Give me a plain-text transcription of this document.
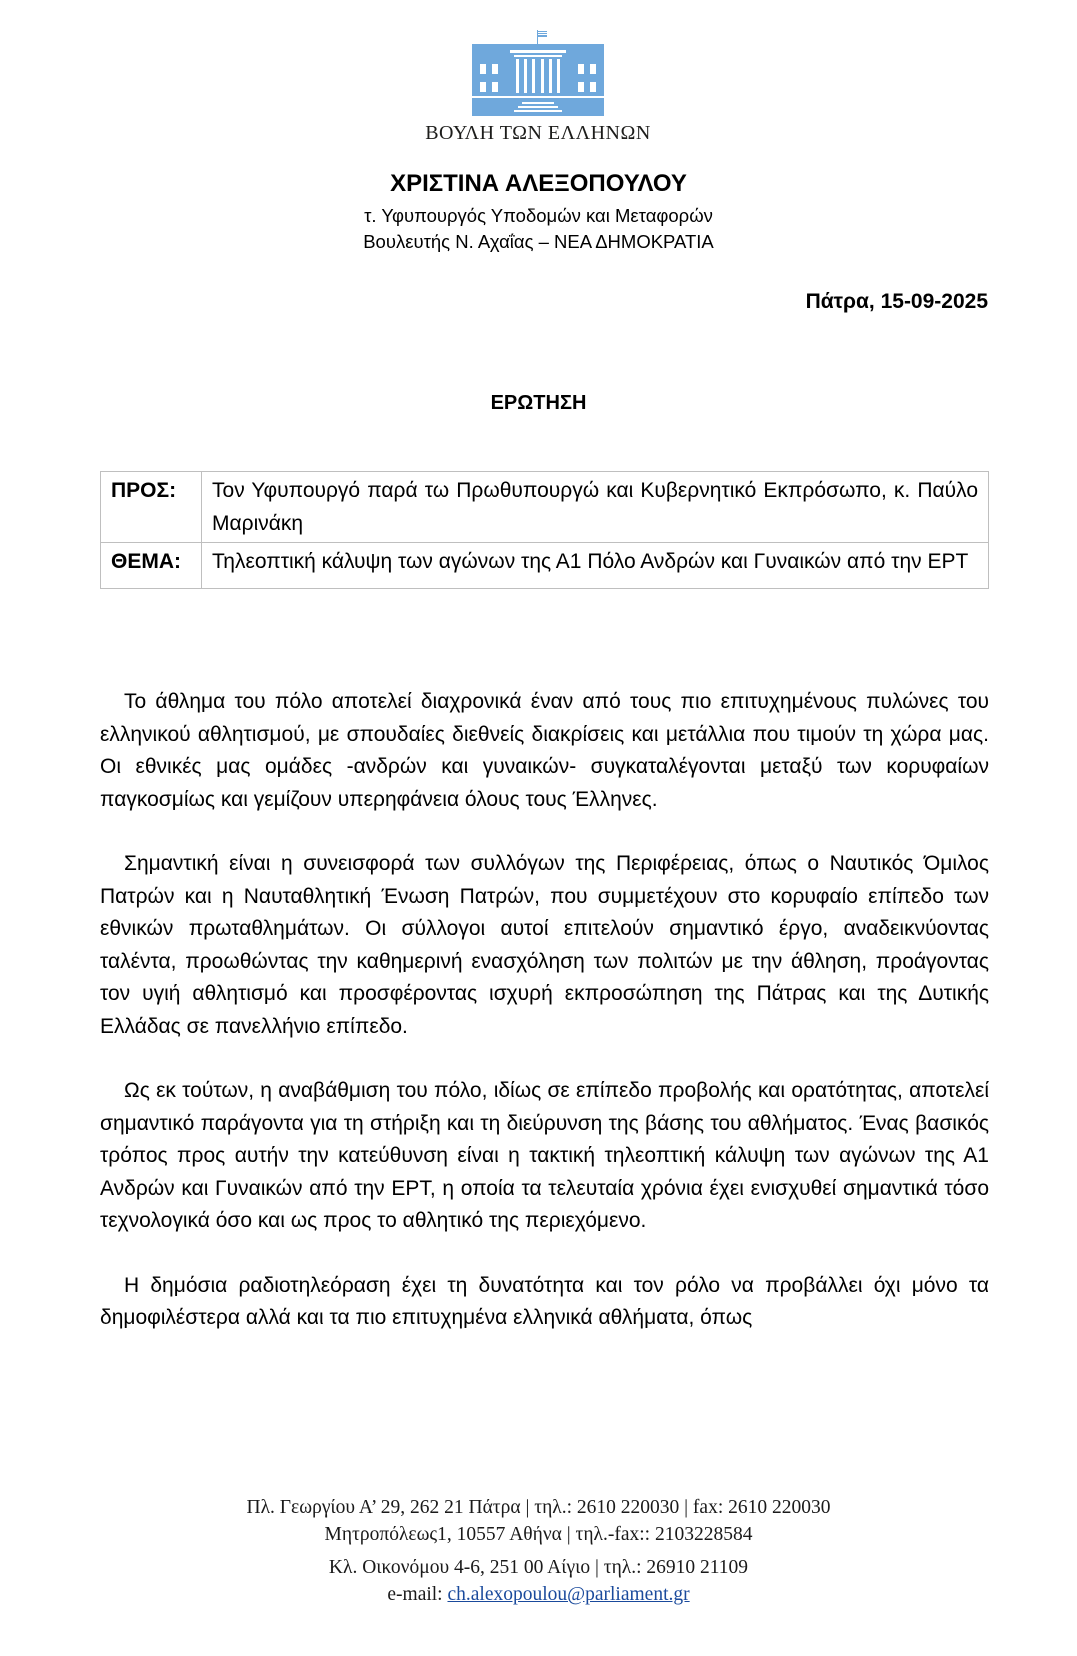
ΒΟΥΛΗ ΤΩΝ ΕΛΛΗΝΩΝ
ΧΡΙΣΤΙΝΑ ΑΛΕΞΟΠΟΥΛΟΥ
τ. Υφυπουργός Υποδομών και Μεταφορών
Βουλευτής Ν. Αχαΐας – ΝΕΑ ΔΗΜΟΚΡΑΤΙΑ
Πάτρα, 15-09-2025
ΕΡΩΤΗΣΗ
ΠΡΟΣ:	Τον Υφυπουργό παρά τω Πρωθυπουργώ και Κυβερνητικό Εκπρόσωπο, κ. Παύλο Μαρινάκη
ΘΕΜΑ:	Τηλεοπτική κάλυψη των αγώνων της Α1 Πόλο Ανδρών και Γυναικών από την ΕΡΤ

Το άθλημα του πόλο αποτελεί διαχρονικά έναν από τους πιο επιτυχημένους πυλώνες του ελληνικού αθλητισμού, με σπουδαίες διεθνείς διακρίσεις και μετάλλια που τιμούν τη χώρα μας. Οι εθνικές μας ομάδες -ανδρών και γυναικών- συγκαταλέγονται μεταξύ των κορυφαίων παγκοσμίως και γεμίζουν υπερηφάνεια όλους τους Έλληνες.

Σημαντική είναι η συνεισφορά των συλλόγων της Περιφέρειας, όπως ο Ναυτικός Όμιλος Πατρών και η Ναυταθλητική Ένωση Πατρών, που συμμετέχουν στο κορυφαίο επίπεδο των εθνικών πρωταθλημάτων. Οι σύλλογοι αυτοί επιτελούν σημαντικό έργο, αναδεικνύοντας ταλέντα, προωθώντας την καθημερινή ενασχόληση των πολιτών με την άθληση, προάγοντας τον υγιή αθλητισμό και προσφέροντας ισχυρή εκπροσώπηση της Πάτρας και της Δυτικής Ελλάδας σε πανελλήνιο επίπεδο.

Ως εκ τούτων, η αναβάθμιση του πόλο, ιδίως σε επίπεδο προβολής και ορατότητας, αποτελεί σημαντικό παράγοντα για τη στήριξη και τη διεύρυνση της βάσης του αθλήματος. Ένας βασικός τρόπος προς αυτήν την κατεύθυνση είναι η τακτική τηλεοπτική κάλυψη των αγώνων της Α1 Ανδρών και Γυναικών από την ΕΡΤ, η οποία τα τελευταία χρόνια έχει ενισχυθεί σημαντικά τόσο τεχνολογικά όσο και ως προς το αθλητικό της περιεχόμενο.

Η δημόσια ραδιοτηλεόραση έχει τη δυνατότητα και τον ρόλο να προβάλλει όχι μόνο τα δημοφιλέστερα αλλά και τα πιο επιτυχημένα ελληνικά αθλήματα, όπως

Πλ. Γεωργίου Α’ 29, 262 21 Πάτρα | τηλ.: 2610 220030 | fax: 2610 220030
Μητροπόλεως1, 10557 Αθήνα | τηλ.-fax:: 2103228584
Κλ. Οικονόμου 4-6, 251 00 Αίγιο | τηλ.: 26910 21109
e-mail: ch.alexopoulou@parliament.gr
